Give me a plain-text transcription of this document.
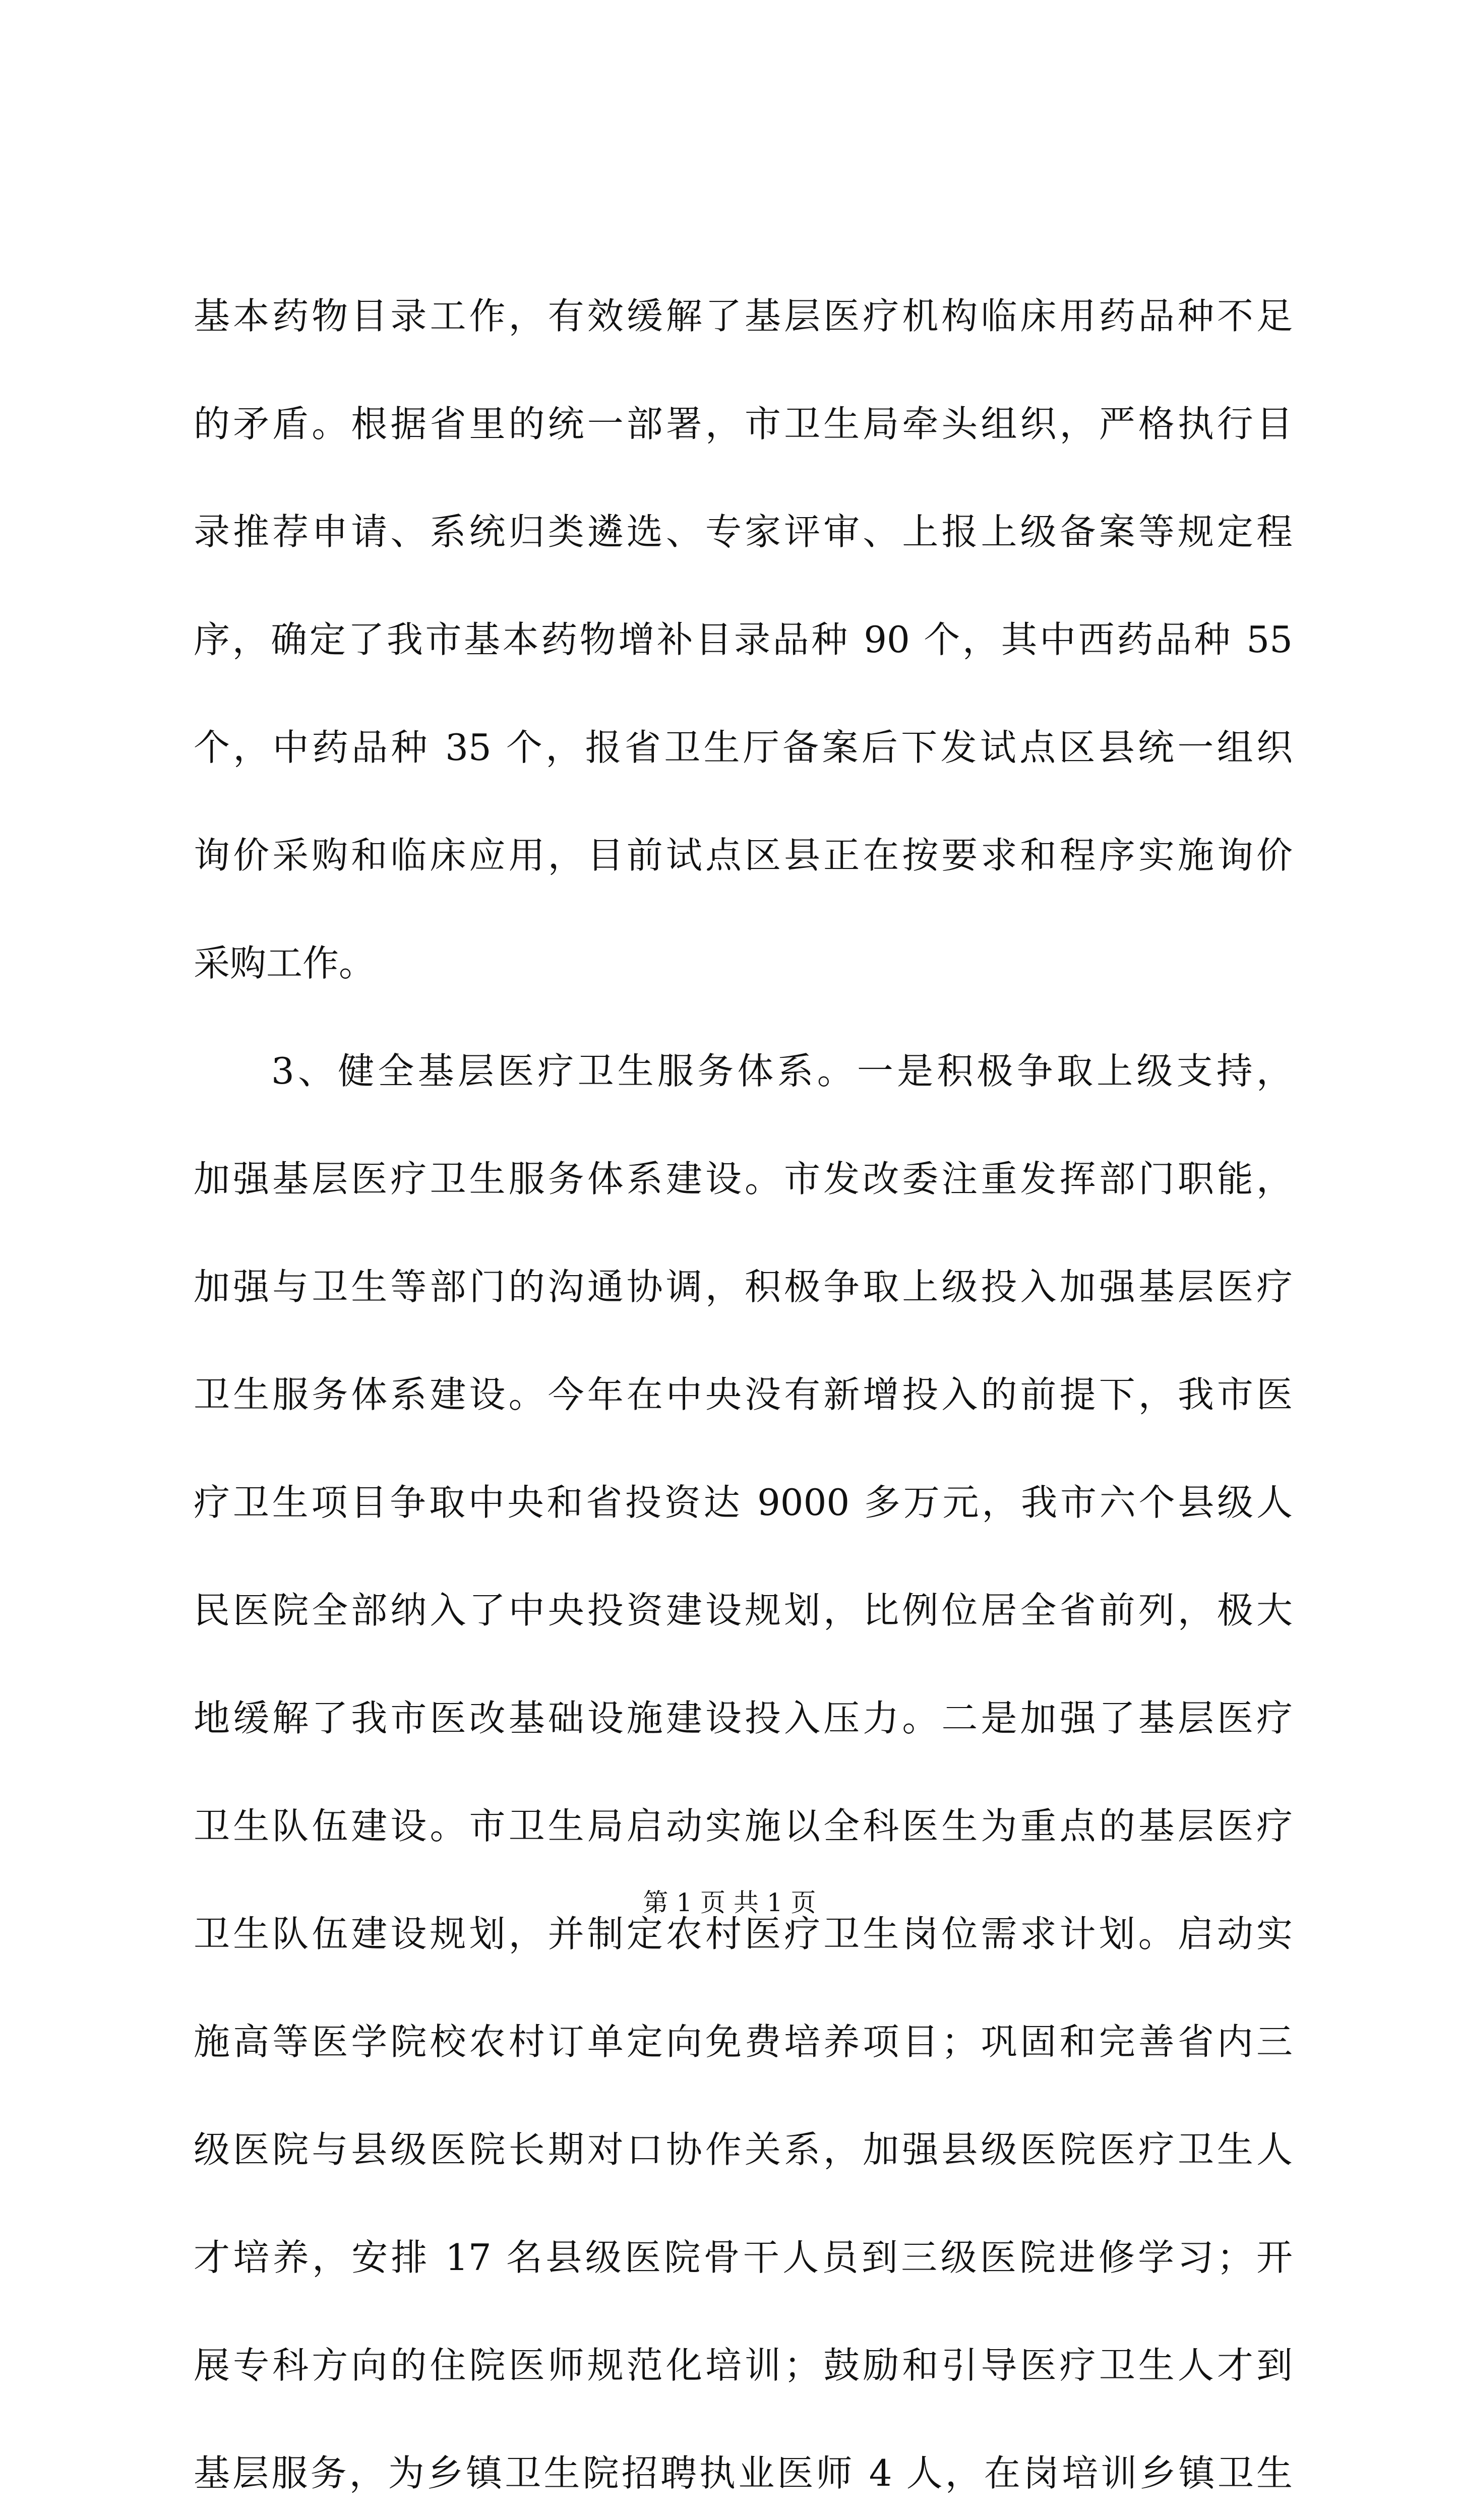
基本药物目录工作，有效缓解了基层医疗机构临床用药品种不足
的矛盾。根据省里的统一部署，市卫生局牵头组织，严格执行目
录推荐申请、系统归类遴选、专家评审、上报上级备案等规定程
序，确定了我市基本药物增补目录品种 90 个，其中西药品种 55
个，中药品种 35 个，报省卫生厅备案后下发试点区县统一组织
询价采购和临床应用，目前试点区县正在按要求和程序实施询价
采购工作。
3、健全基层医疗卫生服务体系。一是积极争取上级支持，
加强基层医疗卫生服务体系建设。市发改委注重发挥部门职能，
加强与卫生等部门的沟通协调，积极争取上级投入加强基层医疗
卫生服务体系建设。今年在中央没有新增投入的前提下，我市医
疗卫生项目争取中央和省投资达 9000 多万元，我市六个县级人
民医院全部纳入了中央投资建设规划，比例位居全省前列，极大
地缓解了我市医改基础设施建设投入压力。二是加强了基层医疗
卫生队伍建设。市卫生局启动实施以全科医生为重点的基层医疗
卫生队伍建设规划，并制定农村医疗卫生岗位需求计划。启动实
施高等医学院校农村订单定向免费培养项目；巩固和完善省内三
级医院与县级医院长期对口协作关系，加强县级医院医疗卫生人
才培养，安排 17 名县级医院骨干人员到三级医院进修学习；开
展专科方向的住院医师规范化培训；鼓励和引导医疗卫生人才到
基层服务，为乡镇卫生院招聘执业医师 4 人，在岗培训乡镇卫生
第 1 页 共 1 页
